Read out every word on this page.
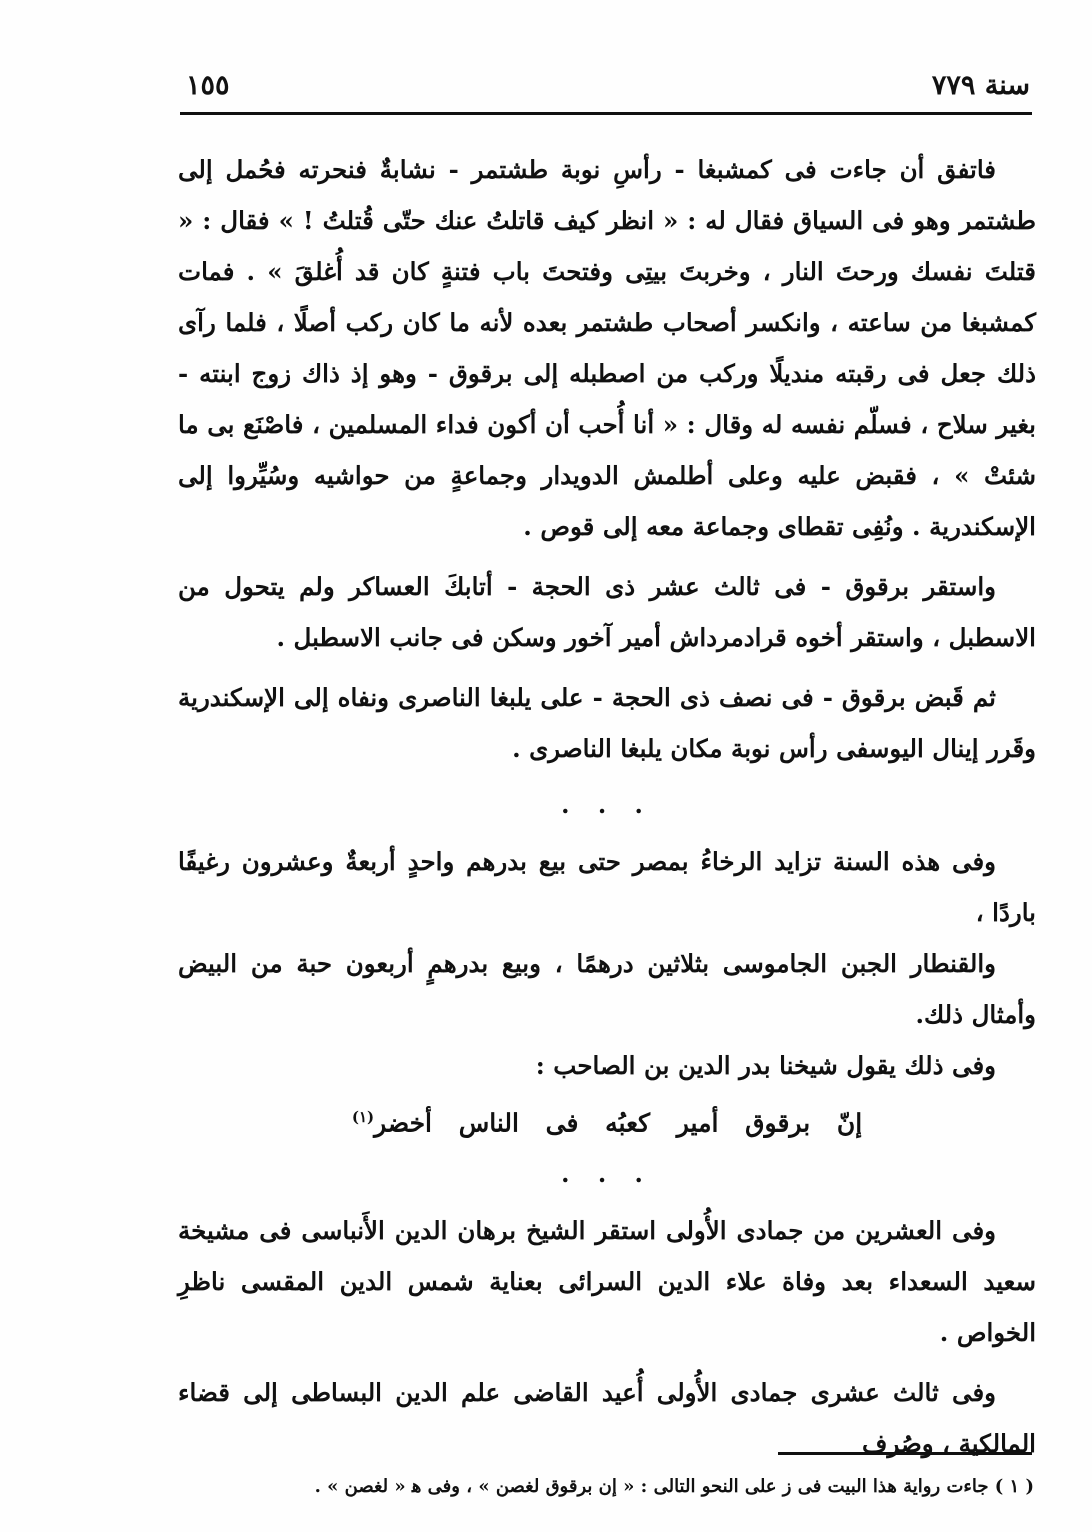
سنة ٧٧٩
١٥٥

فاتفق أن جاءت فى كمشبغا - رأسِ نوبة طشتمر - نشابةٌ فنحرته فحُمل إلى طشتمر وهو فى السياق فقال له : « انظر كيف قاتلتُ عنك حتّى قُتلتُ ! » فقال : « قتلتَ نفسك ورحتَ النار ، وخربتَ بيتِى وفتحتَ باب فتنةٍ كان قد أُغلقَ » . فمات كمشبغا من ساعته ، وانكسر أصحاب طشتمر بعده لأنه ما كان ركب أصلًا ، فلما رآى ذلك جعل فى رقبته منديلًا وركب من اصطبله إلى برقوق - وهو إذ ذاك زوج ابنته - بغير سلاح ، فسلّم نفسه له وقال : « أنا أُحب أن أكون فداء المسلمين ، فاصْنَع بى ما شئتْ » ، فقبض عليه وعلى أطلمش الدويدار وجماعةٍ من حواشيه وسُيِّروا إلى الإسكندرية . ونُفِى تقطاى وجماعة معه إلى قوص .

واستقر برقوق - فى ثالث عشر ذى الحجة - أتابكَ العساكر ولم يتحول من الاسطبل ، واستقر أخوه قرادمرداش أمير آخور وسكن فى جانب الاسطبل .

ثم قَبض برقوق - فى نصف ذى الحجة - على يلبغا الناصرى ونفاه إلى الإسكندرية وقَرر إينال اليوسفى رأس نوبة مكان يلبغا الناصرى .

. . .

وفى هذه السنة تزايد الرخاءُ بمصر حتى بيع بدرهم واحدٍ أربعةٌ وعشرون رغيفًا باردًا ،

والقنطار الجبن الجاموسى بثلاثين درهمًا ، وبيع بدرهمٍ أربعون حبة من البيض وأمثال ذلك.

وفى ذلك يقول شيخنا بدر الدين بن الصاحب :

إنّ برقوق أمير كعبُه فى الناس أخضر$^{(١)}$
. . .

وفى العشرين من جمادى الأُولى استقر الشيخ برهان الدين الأَنباسى فى مشيخة سعيد السعداء بعد وفاة علاء الدين السرائى بعناية شمس الدين المقسى ناظرِ الخواص .

وفى ثالث عشرى جمادى الأُولى أُعيد القاضى علم الدين البساطى إلى قضاء المالكية ، وصُرف

( ١ ) جاءت رواية هذا البيت فى ز على النحو التالى : « إن برقوق لغصن » ، وفى ﻫ « لغصن » .
